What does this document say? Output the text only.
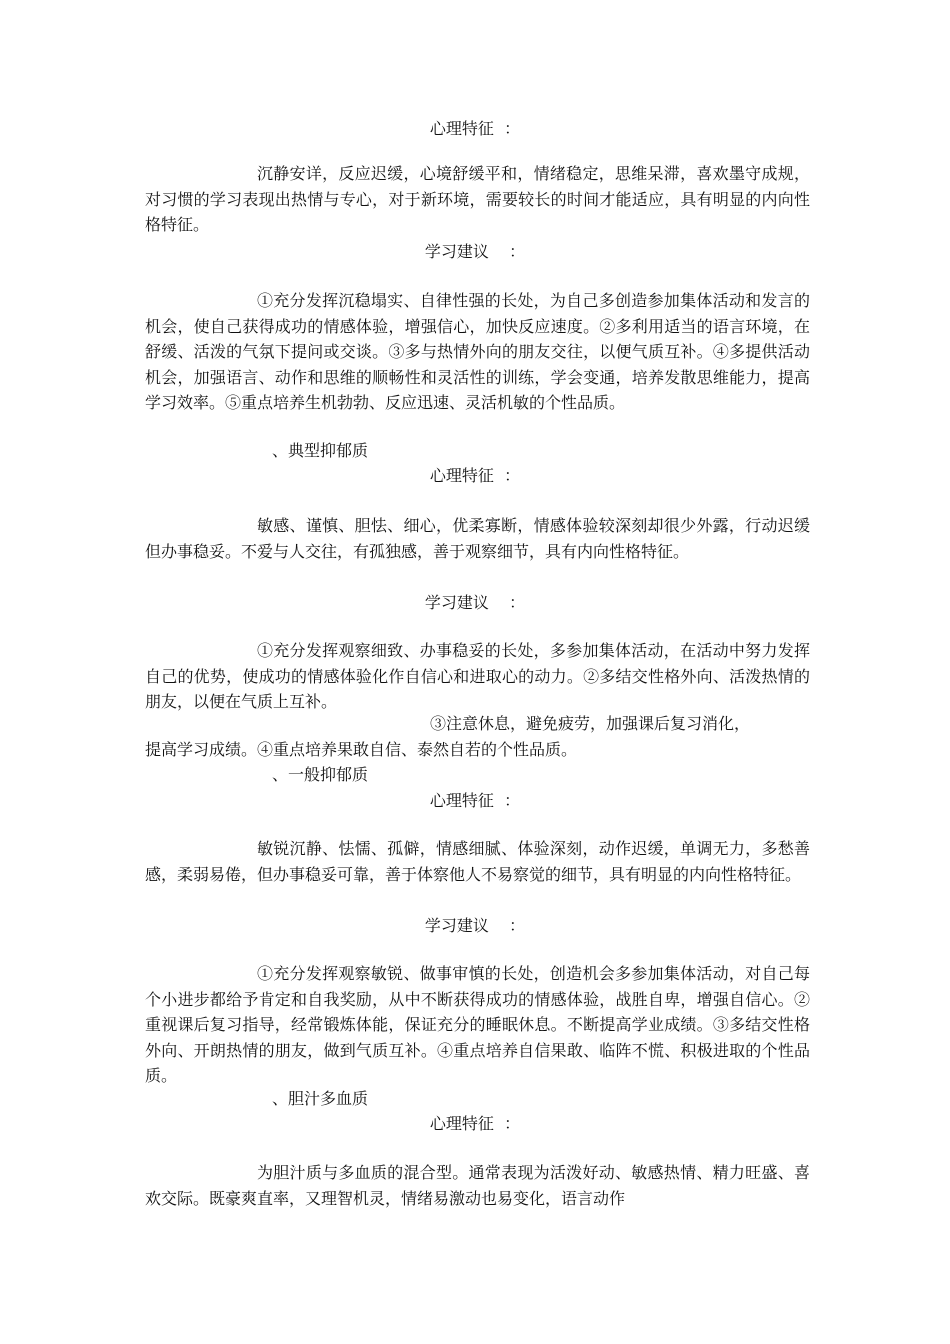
心理特征  ：
沉静安详，反应迟缓，心境舒缓平和，情绪稳定，思维呆滞，喜欢墨守成规，对习惯的学习表现出热情与专心，对于新环境，需要较长的时间才能适应，具有明显的内向性格特征。
学习建议    ：
①充分发挥沉稳塌实、自律性强的长处，为自己多创造参加集体活动和发言的机会，使自己获得成功的情感体验，增强信心，加快反应速度。②多利用适当的语言环境，在舒缓、活泼的气氛下提问或交谈。③多与热情外向的朋友交往，以便气质互补。④多提供活动机会，加强语言、动作和思维的顺畅性和灵活性的训练，学会变通，培养发散思维能力，提高学习效率。⑤重点培养生机勃勃、反应迅速、灵活机敏的个性品质。
、典型抑郁质
心理特征  ：
敏感、谨慎、胆怯、细心，优柔寡断，情感体验较深刻却很少外露，行动迟缓但办事稳妥。不爱与人交往，有孤独感，善于观察细节，具有内向性格特征。
学习建议    ：
①充分发挥观察细致、办事稳妥的长处，多参加集体活动，在活动中努力发挥自己的优势，使成功的情感体验化作自信心和进取心的动力。②多结交性格外向、活泼热情的朋友，以便在气质上互补。
③注意休息，避免疲劳，加强课后复习消化，
提高学习成绩。④重点培养果敢自信、泰然自若的个性品质。
、一般抑郁质
心理特征  ：
敏锐沉静、怯懦、孤僻，情感细腻、体验深刻，动作迟缓，单调无力，多愁善感，柔弱易倦，但办事稳妥可靠，善于体察他人不易察觉的细节，具有明显的内向性格特征。
学习建议    ：
①充分发挥观察敏锐、做事审慎的长处，创造机会多参加集体活动，对自己每个小进步都给予肯定和自我奖励，从中不断获得成功的情感体验，战胜自卑，增强自信心。②重视课后复习指导，经常锻炼体能，保证充分的睡眠休息。不断提高学业成绩。③多结交性格外向、开朗热情的朋友，做到气质互补。④重点培养自信果敢、临阵不慌、积极进取的个性品质。
、胆汁多血质
心理特征  ：
为胆汁质与多血质的混合型。通常表现为活泼好动、敏感热情、精力旺盛、喜欢交际。既豪爽直率，又理智机灵，情绪易激动也易变化，语言动作
